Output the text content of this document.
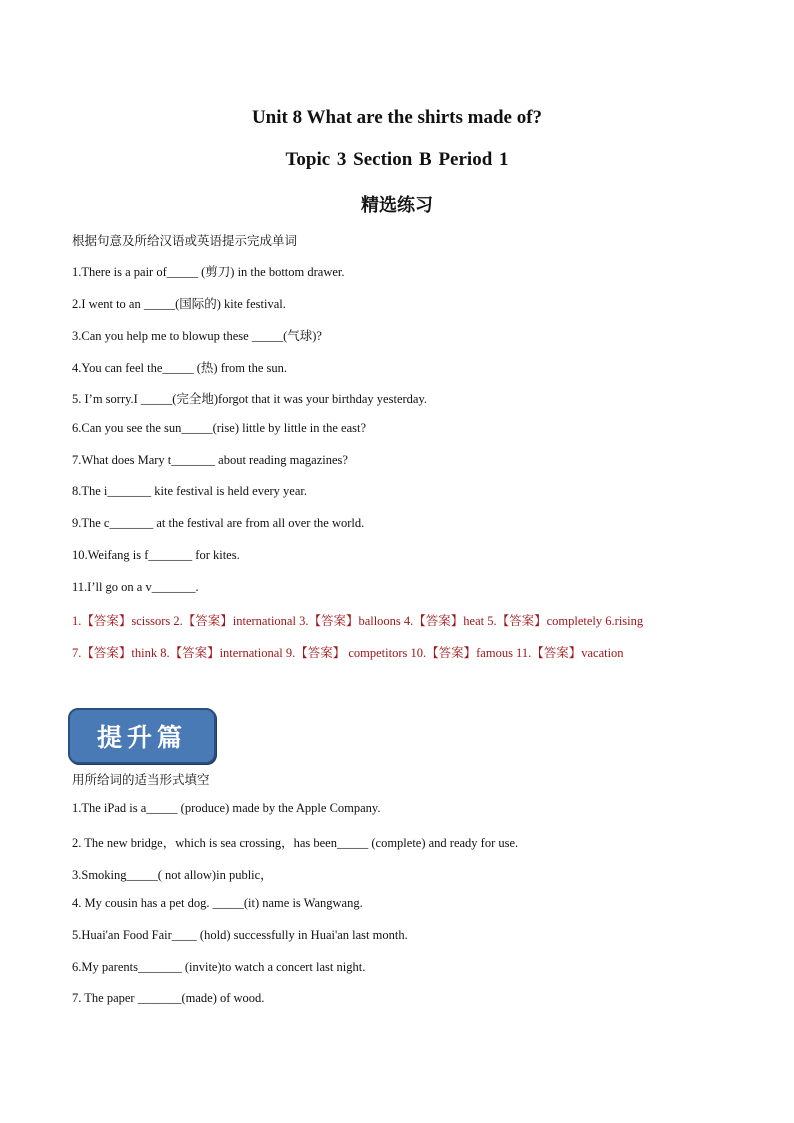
Unit 8 What are the shirts made of?
Topic 3 Section B Period 1
精选练习
根据句意及所给汉语或英语提示完成单词
1.There is a pair of_____ (剪刀) in the bottom drawer.
2.I went to an _____(国际的) kite festival.
3.Can you help me to blowup these _____(气球)?
4.You can feel the_____ (热) from the sun.
5. I’m sorry.I _____(完全地)forgot that it was your birthday yesterday.
6.Can you see the sun_____(rise) little by little in the east?
7.What does Mary t_______ about reading magazines?
8.The i_______ kite festival is held every year.
9.The c_______ at the festival are from all over the world.
10.Weifang is f_______ for kites.
11.I’ll go on a v_______.
1.【答案】scissors 2.【答案】international 3.【答案】balloons 4.【答案】heat 5.【答案】completely 6.rising
7.【答案】think 8.【答案】international 9.【答案】 competitors 10.【答案】famous 11.【答案】vacation
提升篇
用所给词的适当形式填空
1.The iPad is a_____ (produce) made by the Apple Company.
2. The new bridge，which is sea crossing，has been_____ (complete) and ready for use.
3.Smoking_____( not allow)in public，
4. My cousin has a pet dog. _____(it) name is Wangwang.
5.Huai'an Food Fair____ (hold) successfully in Huai'an last month.
6.My parents_______ (invite)to watch a concert last night.
7. The paper _______(made) of wood.
